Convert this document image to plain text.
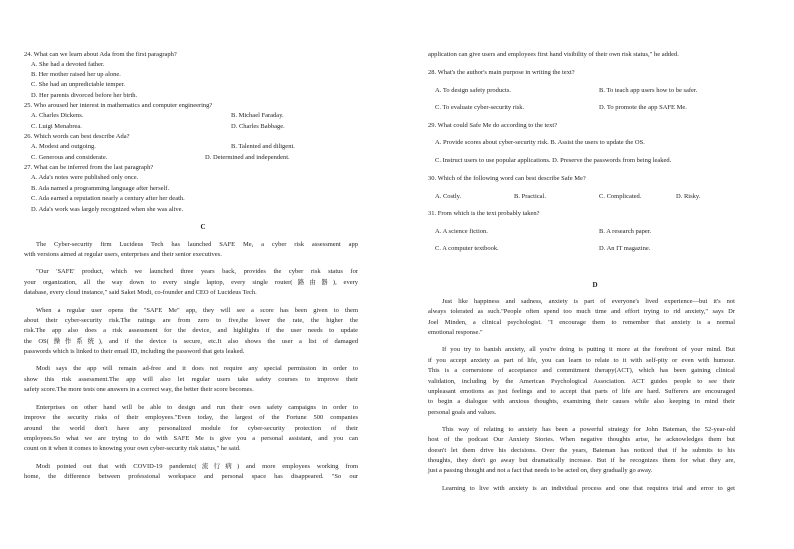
24. What can we learn about Ada from the first paragraph?
A. She had a devoted father.
B. Her mother raised her up alone.
C. She had an unpredictable temper.
D. Her parents divorced before her birth.
25. Who aroused her interest in mathematics and computer engineering?
A. Charles Dickens.	B. Michael Faraday.
C. Luigi Menabrea.	D. Charles Babbage.
26. Which words can best describe Ada?
A. Modest and outgoing.	B. Talented and diligent.
C. Generous and considerate.	D. Determined and independent.
27. What can be inferred from the last paragraph?
A. Ada's notes were published only once.
B. Ada named a programming language after herself.
C. Ada earned a reputation nearly a century after her death.
D. Ada's work was largely recognized when she was alive.
C
The Cyber-security firm Lucideus Tech has launched SAFE Me, a cyber risk assessment app
with versions aimed at regular users, enterprises and their senior executives.
"Our 'SAFE' product, which we launched three years back, provides the cyber risk status for
your organization, all the way down to every single laptop, every single router(路由器), every
database, every cloud instance," said Saket Modi, co-founder and CEO of Lucideus Tech.
When a regular user opens the "SAFE Me" app, they will see a score has been given to them
about their cyber-security risk.The ratings are from zero to five,the lower the rate, the higher the
risk.The app also does a risk assessment for the device, and highlights if the user needs to update
the OS(操作系统), and if the device is secure, etc.It also shows the user a list of damaged
passwords which is linked to their email ID, including the password that gets leaked.
Modi says the app will remain ad-free and it does not require any special permission in order to
show this risk assessment.The app will also let regular users take safety courses to improve their
safety score.The more tests one answers in a correct way, the better their score becomes.
Enterprises on other hand will be able to design and run their own safety campaigns in order to
improve the security risks of their employees."Even today, the largest of the Fortune 500 companies
around the world don't have any personalized module for cyber-security protection of their
employees.So what we are trying to do with SAFE Me is give you a personal assistant, and you can
count on it when it comes to knowing your own cyber-security risk status," he said.
Modi pointed out that with COVID-19 pandemic(流行病) and more employees working from
home, the difference between professional workspace and personal space has disappeared. "So our
application can give users and employees first hand visibility of their own risk status," he added.
28. What's the author's main purpose in writing the text?
A. To design safety products.	B. To teach app users how to be safer.
C. To evaluate cyber-security risk.	D. To promote the app SAFE Me.
29. What could Safe Me do according to the text?
A. Provide scores about cyber-security risk. B. Assist the users to update the OS.
C. Instruct users to use popular applications. D. Preserve the passwords from being leaked.
30. Which of the following word can best describe Safe Me?
A. Costly.	B. Practical.	C. Complicated.	D. Risky.
31. From which is the text probably taken?
A. A science fiction.	B. A research paper.
C. A computer textbook.	D. An IT magazine.
D
Just like happiness and sadness, anxiety is part of everyone's lived experience—but it's not
always tolerated as such."People often spend too much time and effort trying to rid anxiety," says Dr
Joel Minden, a clinical psychologist. "I encourage them to remember that anxiety is a normal
emotional response."
If you try to banish anxiety, all you're doing is putting it more at the forefront of your mind. But
if you accept anxiety as part of life, you can learn to relate to it with self-pity or even with humour.
This is a cornerstone of acceptance and commitment therapy(ACT), which has been gaining clinical
validation, including by the American Psychological Association. ACT guides people to see their
unpleasant emotions as just feelings and to accept that parts of life are hard. Sufferers are encouraged
to begin a dialogue with anxious thoughts, examining their causes while also keeping in mind their
personal goals and values.
This way of relating to anxiety has been a powerful strategy for John Bateman, the 52-year-old
host of the podcast Our Anxiety Stories. When negative thoughts arise, he acknowledges them but
doesn't let them drive his decisions. Over the years, Bateman has noticed that if he submits to his
thoughts, they don't go away but dramatically increase. But if he recognizes them for what they are,
just a passing thought and not a fact that needs to be acted on, they gradually go away.
Learning to live with anxiety is an individual process and one that requires trial and error to get
